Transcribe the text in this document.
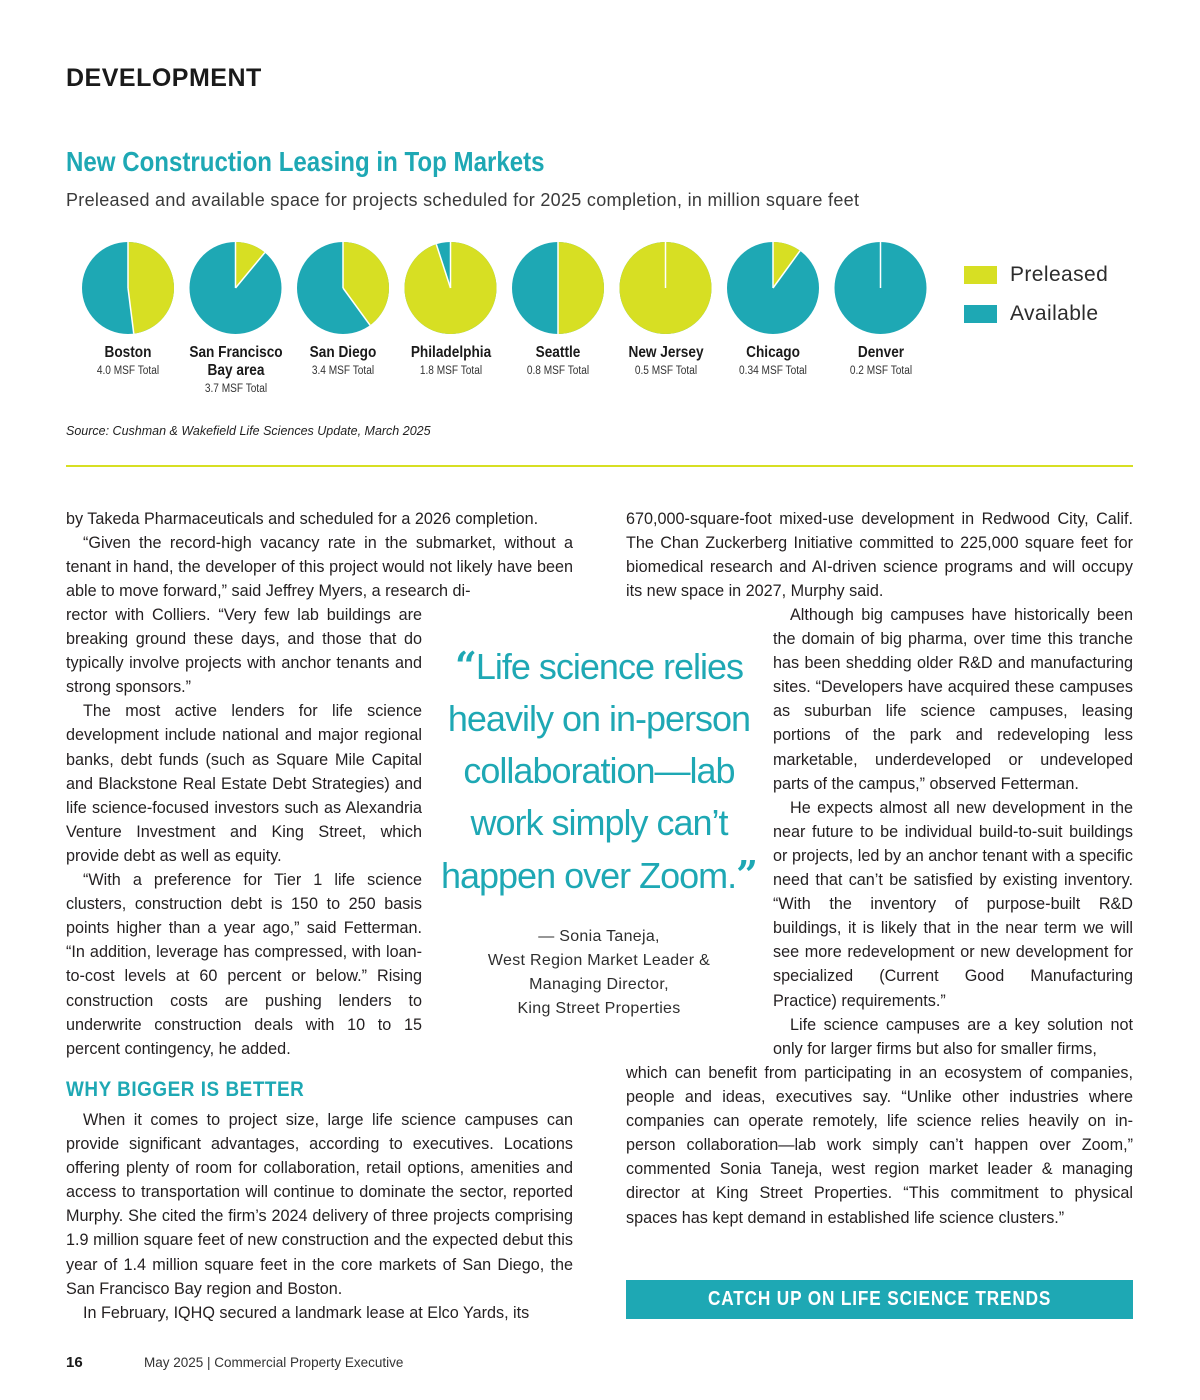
DEVELOPMENT
New Construction Leasing in Top Markets
Preleased and available space for projects scheduled for 2025 completion, in million square feet
Boston
4.0 MSF Total
San Francisco
Bay area
3.7 MSF Total
San Diego
3.4 MSF Total
Philadelphia
1.8 MSF Total
Seattle
0.8 MSF Total
New Jersey
0.5 MSF Total
Chicago
0.34 MSF Total
Denver
0.2 MSF Total
Preleased
Available
Source: Cushman & Wakefield Life Sciences Update, March 2025

by Takeda Pharmaceuticals and scheduled for a 2026 completion.

“Given the record-high vacancy rate in the submarket, without a tenant in hand, the developer of this project would not likely have been able to move forward,” said Jeffrey Myers, a research di-

rector with Colliers. “Very few lab buildings are breaking ground these days, and those that do typically involve projects with anchor tenants and strong sponsors.”

The most active lenders for life science development include national and major regional banks, debt funds (such as Square Mile Capital and Blackstone Real Estate Debt Strategies) and life science-focused investors such as Alexandria Venture Investment and King Street, which provide debt as well as equity.

“With a preference for Tier 1 life science clusters, construction debt is 150 to 250 basis points higher than a year ago,” said Fetterman. “In addition, leverage has compressed, with loan-to-cost levels at 60 percent or below.” Rising construction costs are pushing lenders to underwrite construction deals with 10 to 15 percent contingency, he added.

WHY BIGGER IS BETTER

When it comes to project size, large life science campuses can provide significant advantages, according to executives. Locations offering plenty of room for collaboration, retail options, amenities and access to transportation will continue to dominate the sector, reported Murphy. She cited the firm’s 2024 delivery of three projects comprising 1.9 million square feet of new construction and the expected debut this year of 1.4 million square feet in the core markets of San Diego, the San Francisco Bay region and Boston.

In February, IQHQ secured a landmark lease at Elco Yards, its

“Life science relies heavily on in-person collaboration—lab work simply can’t happen over Zoom.”
— Sonia Taneja,
West Region Market Leader &
Managing Director,
King Street Properties

670,000-square-foot mixed-use development in Redwood City, Calif. The Chan Zuckerberg Initiative committed to 225,000 square feet for biomedical research and AI-driven science programs and will occupy its new space in 2027, Murphy said.

Although big campuses have historically been the domain of big pharma, over time this tranche has been shedding older R&D and manufacturing sites. “Developers have acquired these campuses as suburban life science campuses, leasing portions of the park and redeveloping less marketable, underdeveloped or undeveloped parts of the campus,” observed Fetterman.

He expects almost all new development in the near future to be individual build-to-suit buildings or projects, led by an anchor tenant with a specific need that can’t be satisfied by existing inventory. “With the inventory of purpose-built R&D buildings, it is likely that in the near term we will see more redevelopment or new development for specialized (Current Good Manufacturing Practice) requirements.”

Life science campuses are a key solution not only for larger firms but also for smaller firms,

which can benefit from participating in an ecosystem of companies, people and ideas, executives say. “Unlike other industries where companies can operate remotely, life science relies heavily on in-person collaboration—lab work simply can’t happen over Zoom,” commented Sonia Taneja, west region market leader & managing director at King Street Properties. “This commitment to physical spaces has kept demand in established life science clusters.”

CATCH UP ON LIFE SCIENCE TRENDS
16	May 2025 | Commercial Property Executive
